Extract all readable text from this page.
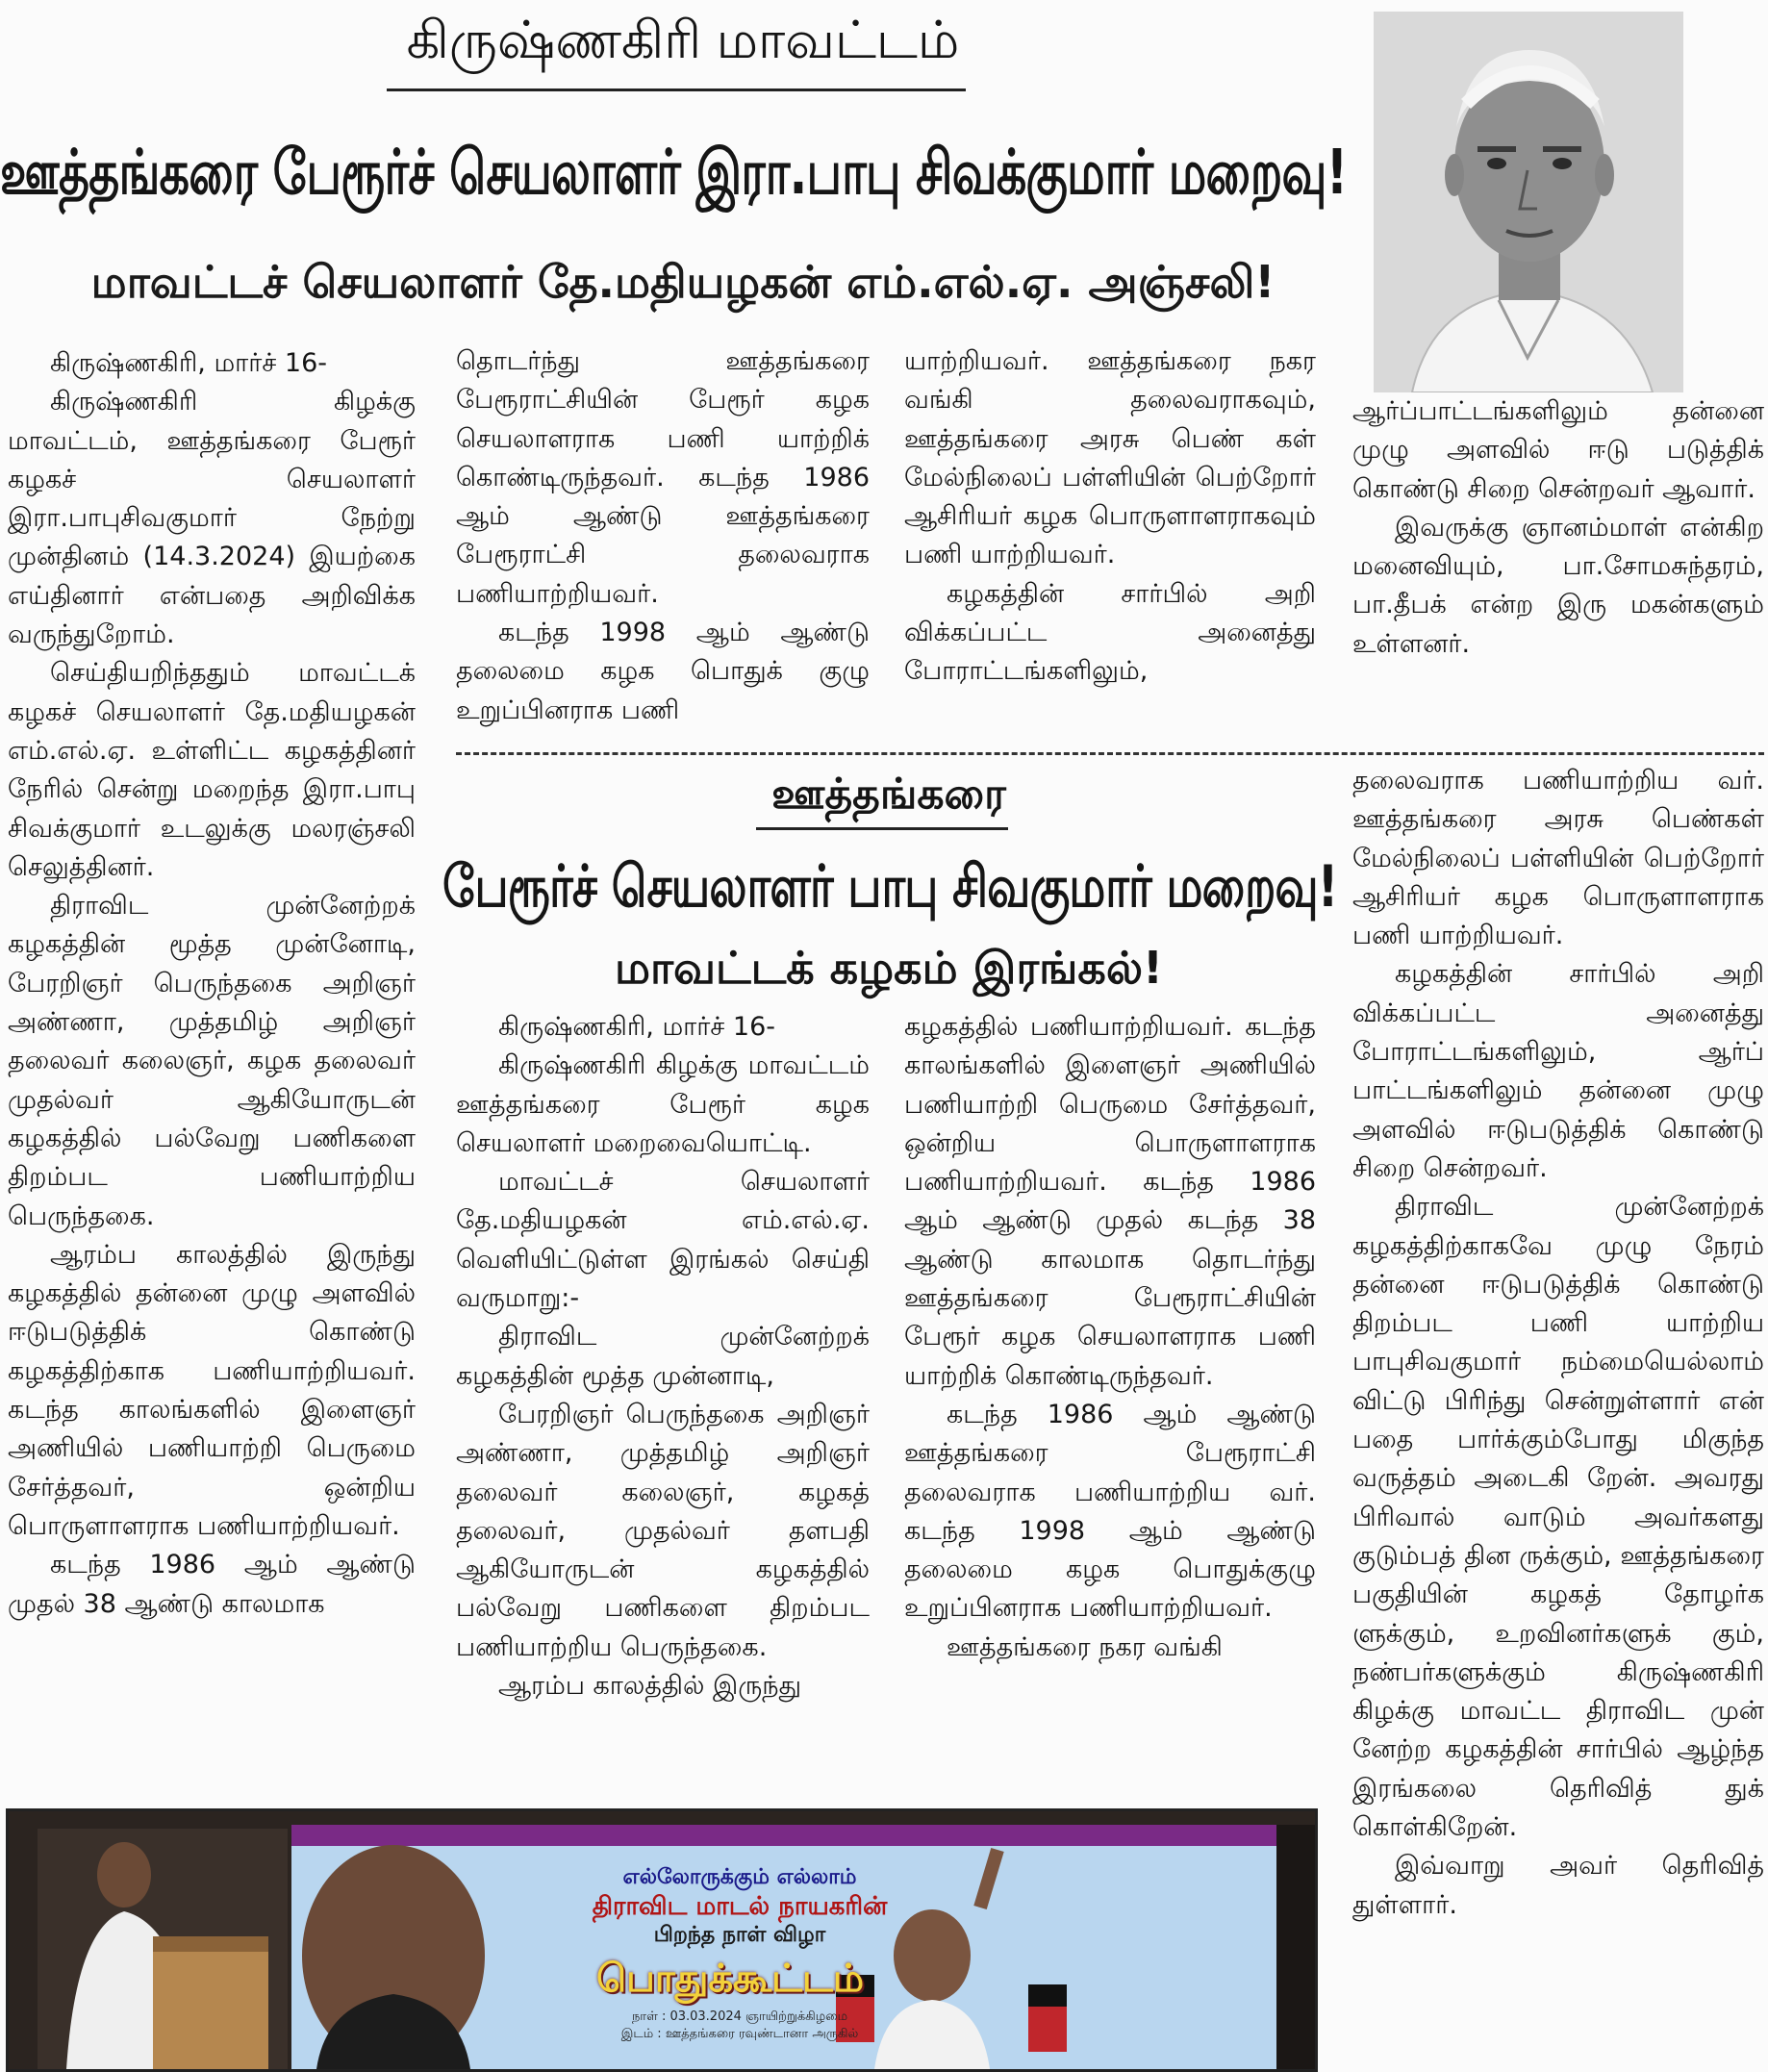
கிருஷ்ணகிரி மாவட்டம்
ஊத்தங்கரை பேரூர்ச் செயலாளர் இரா.பாபு சிவக்குமார் மறைவு!
மாவட்டச் செயலாளர் தே.மதியழகன் எம்.எல்.ஏ. அஞ்சலி!

கிருஷ்ணகிரி, மார்ச் 16-

கிருஷ்ணகிரி கிழக்கு மாவட்டம், ஊத்தங்கரை பேரூர் கழகச் செயலாளர் இரா.பாபுசிவகுமார் நேற்று முன்தினம் (14.3.2024) இயற்கை எய்தினார் என்பதை அறிவிக்க வருந்துறோம்.

செய்தியறிந்ததும் மாவட்டக் கழகச் செயலாளர் தே.மதியழகன் எம்.எல்.ஏ. உள்ளிட்ட கழகத்தினர் நேரில் சென்று மறைந்த இரா.பாபு சிவக்குமார் உடலுக்கு மலரஞ்சலி செலுத்தினர்.

திராவிட முன்னேற்றக் கழகத்தின் மூத்த முன்னோடி, பேரறிஞர் பெருந்தகை அறிஞர் அண்ணா, முத்தமிழ் அறிஞர் தலைவர் கலைஞர், கழக தலைவர் முதல்வர் ஆகியோருடன் கழகத்தில் பல்வேறு பணிகளை திறம்பட பணியாற்றிய பெருந்தகை.

ஆரம்ப காலத்தில் இருந்து கழகத்தில் தன்னை முழு அளவில் ஈடுபடுத்திக் கொண்டு கழகத்திற்காக பணியாற்றியவர். கடந்த காலங்களில் இளைஞர் அணியில் பணியாற்றி பெருமை சேர்த்தவர், ஒன்றிய பொருளாளராக பணியாற்றியவர்.

கடந்த 1986 ஆம் ஆண்டு முதல் 38 ஆண்டு காலமாக

தொடர்ந்து ஊத்தங்கரை பேரூராட்சியின் பேரூர் கழக செயலாளராக பணி யாற்றிக் கொண்டிருந்தவர். கடந்த 1986 ஆம் ஆண்டு ஊத்தங்கரை பேரூராட்சி தலைவராக பணியாற்றியவர்.

கடந்த 1998 ஆம் ஆண்டு தலைமை கழக பொதுக் குழு உறுப்பினராக பணி

யாற்றியவர். ஊத்தங்கரை நகர வங்கி தலைவராகவும், ஊத்தங்கரை அரசு பெண் கள் மேல்நிலைப் பள்ளியின் பெற்றோர் ஆசிரியர் கழக பொருளாளராகவும் பணி யாற்றியவர்.

கழகத்தின் சார்பில் அறி விக்கப்பட்ட அனைத்து போராட்டங்களிலும்,

ஆர்ப்பாட்டங்களிலும் தன்னை முழு அளவில் ஈடு படுத்திக் கொண்டு சிறை சென்றவர் ஆவார்.

இவருக்கு ஞானம்மாள் என்கிற மனைவியும், பா.சோமசுந்தரம், பா.தீபக் என்ற இரு மகன்களும் உள்ளனர்.

ஊத்தங்கரை
பேரூர்ச் செயலாளர் பாபு சிவகுமார் மறைவு!
மாவட்டக் கழகம் இரங்கல்!

கிருஷ்ணகிரி, மார்ச் 16-

கிருஷ்ணகிரி கிழக்கு மாவட்டம் ஊத்தங்கரை பேரூர் கழக செயலாளர் மறைவையொட்டி.

மாவட்டச் செயலாளர் தே.மதியழகன் எம்.எல்.ஏ. வெளியிட்டுள்ள இரங்கல் செய்தி வருமாறு:-

திராவிட முன்னேற்றக் கழகத்தின் மூத்த முன்னாடி,

பேரறிஞர் பெருந்தகை அறிஞர் அண்ணா, முத்தமிழ் அறிஞர் தலைவர் கலைஞர், கழகத் தலைவர், முதல்வர் தளபதி ஆகியோருடன் கழகத்தில் பல்வேறு பணிகளை திறம்பட பணியாற்றிய பெருந்தகை.

ஆரம்ப காலத்தில் இருந்து

கழகத்தில் பணியாற்றியவர். கடந்த காலங்களில் இளைஞர் அணியில் பணியாற்றி பெருமை சேர்த்தவர், ஒன்றிய பொருளாளராக பணியாற்றியவர். கடந்த 1986 ஆம் ஆண்டு முதல் கடந்த 38 ஆண்டு காலமாக தொடர்ந்து ஊத்தங்கரை பேரூராட்சியின் பேரூர் கழக செயலாளராக பணி யாற்றிக் கொண்டிருந்தவர்.

கடந்த 1986 ஆம் ஆண்டு ஊத்தங்கரை பேரூராட்சி தலைவராக பணியாற்றிய வர். கடந்த 1998 ஆம் ஆண்டு தலைமை கழக பொதுக்குழு உறுப்பினராக பணியாற்றியவர்.

ஊத்தங்கரை நகர வங்கி

தலைவராக பணியாற்றிய வர். ஊத்தங்கரை அரசு பெண்கள் மேல்நிலைப் பள்ளியின் பெற்றோர் ஆசிரியர் கழக பொருளாளராக பணி யாற்றியவர்.

கழகத்தின் சார்பில் அறி விக்கப்பட்ட அனைத்து போராட்டங்களிலும், ஆர்ப் பாட்டங்களிலும் தன்னை முழு அளவில் ஈடுபடுத்திக் கொண்டு சிறை சென்றவர்.

திராவிட முன்னேற்றக் கழகத்திற்காகவே முழு நேரம் தன்னை ஈடுபடுத்திக் கொண்டு திறம்பட பணி யாற்றிய பாபுசிவகுமார் நம்மையெல்லாம் விட்டு பிரிந்து சென்றுள்ளார் என் பதை பார்க்கும்போது மிகுந்த வருத்தம் அடைகி றேன். அவரது பிரிவால் வாடும் அவர்களது குடும்பத் தின ருக்கும், ஊத்தங்கரை பகுதியின் கழகத் தோழர்க ளுக்கும், உறவினர்களுக் கும், நண்பர்களுக்கும் கிருஷ்ணகிரி கிழக்கு மாவட்ட திராவிட முன் னேற்ற கழகத்தின் சார்பில் ஆழ்ந்த இரங்கலை தெரிவித் துக் கொள்கிறேன்.

இவ்வாறு அவர் தெரிவித் துள்ளார்.

எல்லோருக்கும் எல்லாம்
திராவிட மாடல் நாயகரின்
பிறந்த நாள் விழா
பொதுக்கூட்டம்
நாள் : 03.03.2024 ஞாயிற்றுக்கிழமை
இடம் : ஊத்தங்கரை ரவுண்டானா அருகில்
